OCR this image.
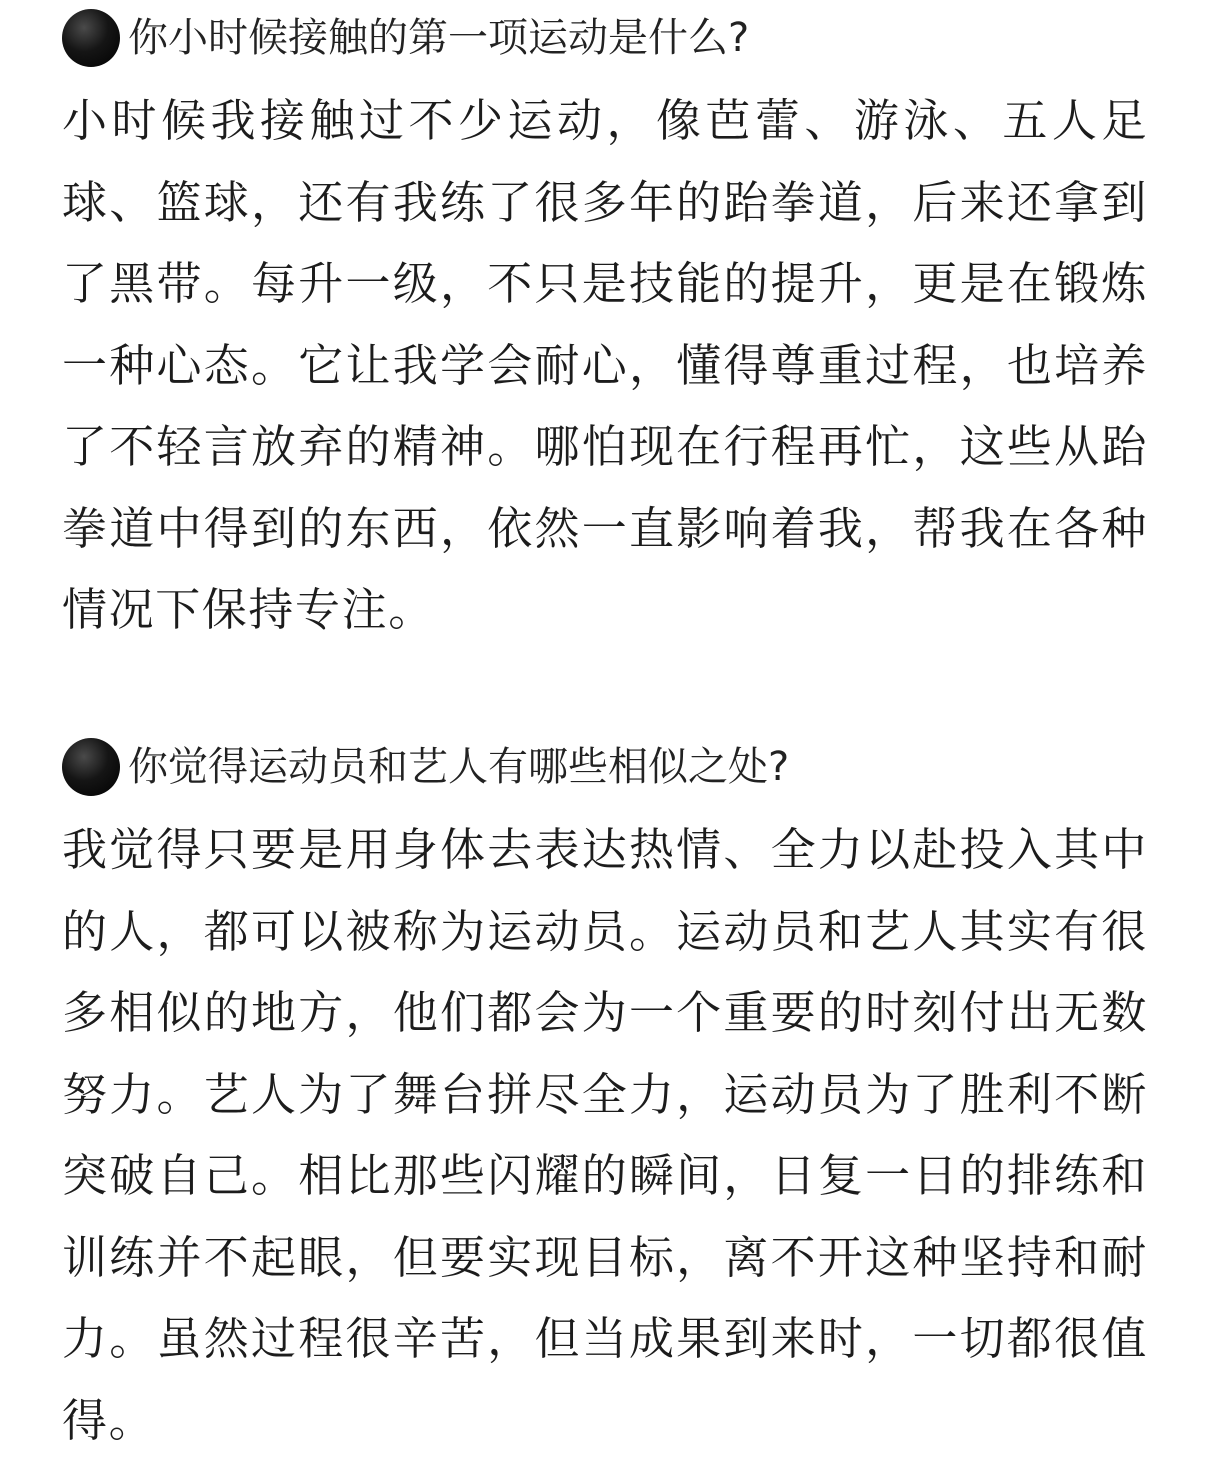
你小时候接触的第一项运动是什么?

小时候我接触过不少运动，像芭蕾、游泳、五人足球、篮球，还有我练了很多年的跆拳道，后来还拿到了黑带。每升一级，不只是技能的提升，更是在锻炼一种心态。它让我学会耐心，懂得尊重过程，也培养了不轻言放弃的精神。哪怕现在行程再忙，这些从跆拳道中得到的东西，依然一直影响着我，帮我在各种情况下保持专注。

你觉得运动员和艺人有哪些相似之处?

我觉得只要是用身体去表达热情、全力以赴投入其中的人，都可以被称为运动员。运动员和艺人其实有很多相似的地方，他们都会为一个重要的时刻付出无数努力。艺人为了舞台拼尽全力，运动员为了胜利不断突破自己。相比那些闪耀的瞬间，日复一日的排练和训练并不起眼，但要实现目标，离不开这种坚持和耐力。虽然过程很辛苦，但当成果到来时，一切都很值得。
